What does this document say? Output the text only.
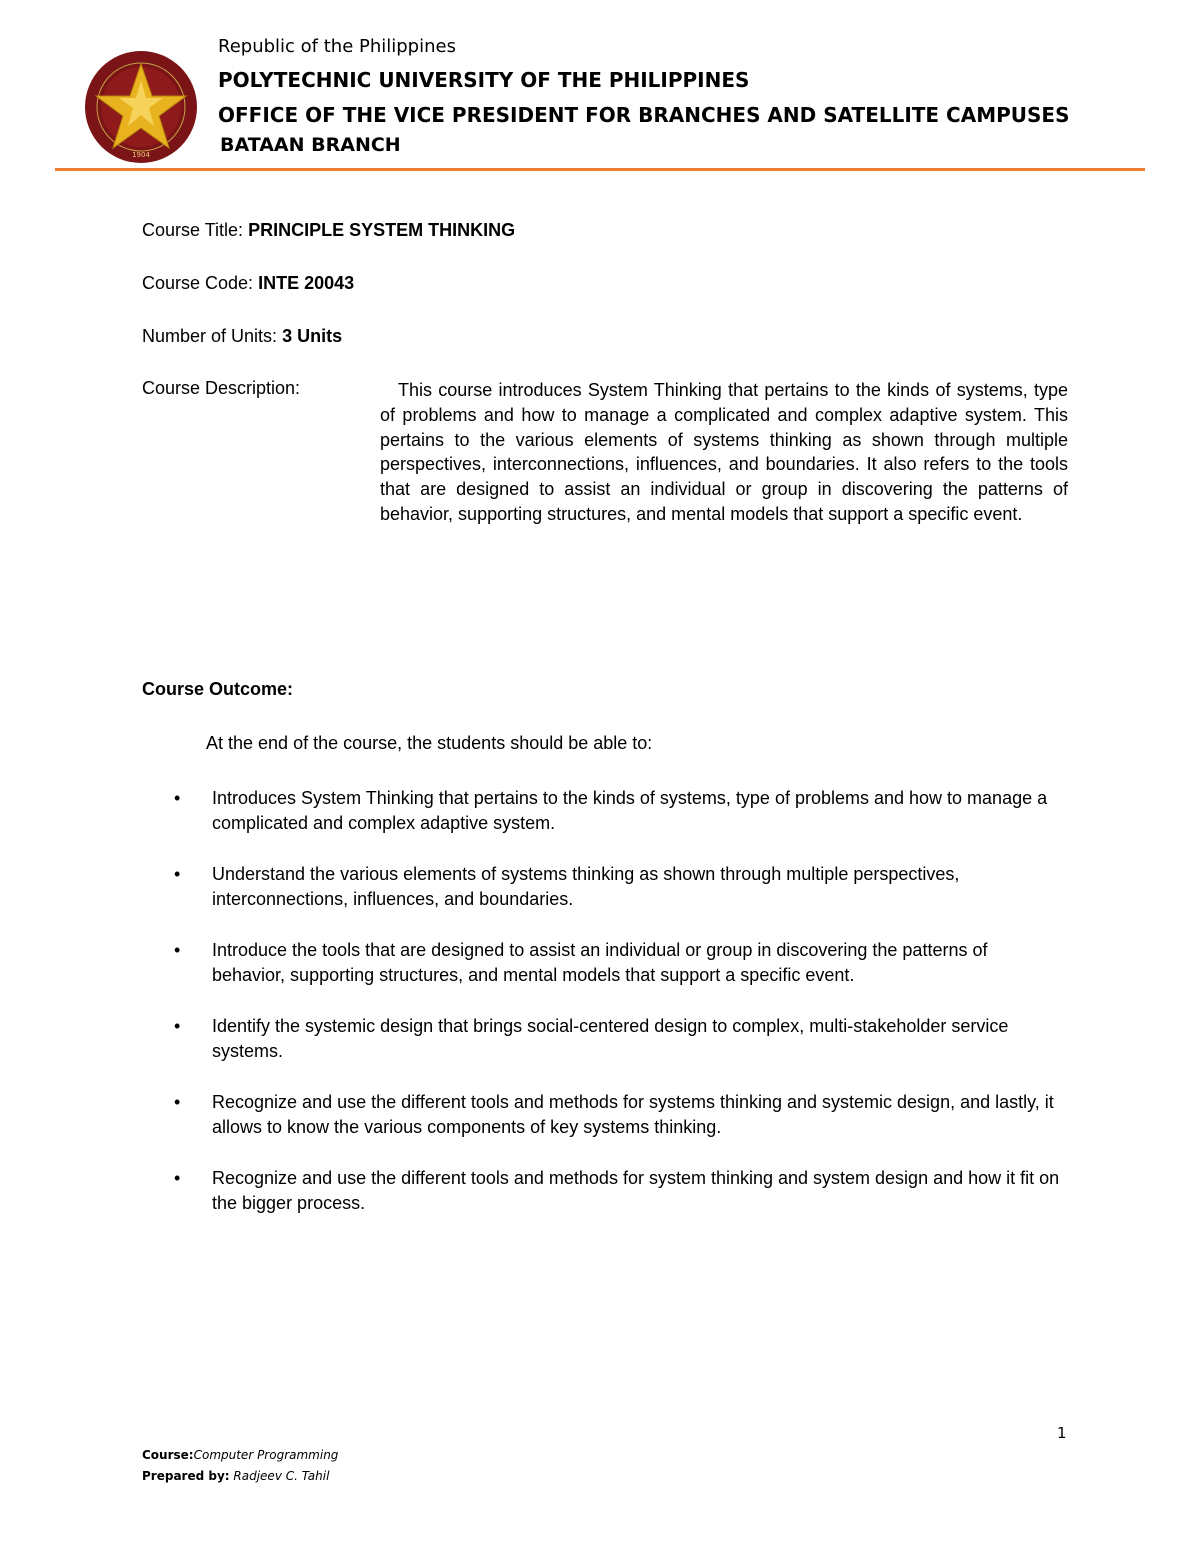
1904
Republic of the Philippines
POLYTECHNIC UNIVERSITY OF THE PHILIPPINES
OFFICE OF THE VICE PRESIDENT FOR BRANCHES AND SATELLITE CAMPUSES
BATAAN BRANCH
Course Title: PRINCIPLE SYSTEM THINKING
Course Code: INTE 20043
Number of Units: 3 Units
Course Description:	This course introduces System Thinking that pertains to the kinds of systems, type of problems and how to manage a complicated and complex adaptive system. This pertains to the various elements of systems thinking as shown through multiple perspectives, interconnections, influences, and boundaries. It also refers to the tools that are designed to assist an individual or group in discovering the patterns of behavior, supporting structures, and mental models that support a specific event.
Course Outcome:
At the end of the course, the students should be able to:
• Introduces System Thinking that pertains to the kinds of systems, type of problems and how to manage a complicated and complex adaptive system.
• Understand the various elements of systems thinking as shown through multiple perspectives, interconnections, influences, and boundaries.
• Introduce the tools that are designed to assist an individual or group in discovering the patterns of behavior, supporting structures, and mental models that support a specific event.
• Identify the systemic design that brings social-centered design to complex, multi-stakeholder service systems.
• Recognize and use the different tools and methods for systems thinking and systemic design, and lastly, it allows to know the various components of key systems thinking.
• Recognize and use the different tools and methods for system thinking and system design and how it fit on the bigger process.
1
Course:Computer Programming
Prepared by: Radjeev C. Tahil
